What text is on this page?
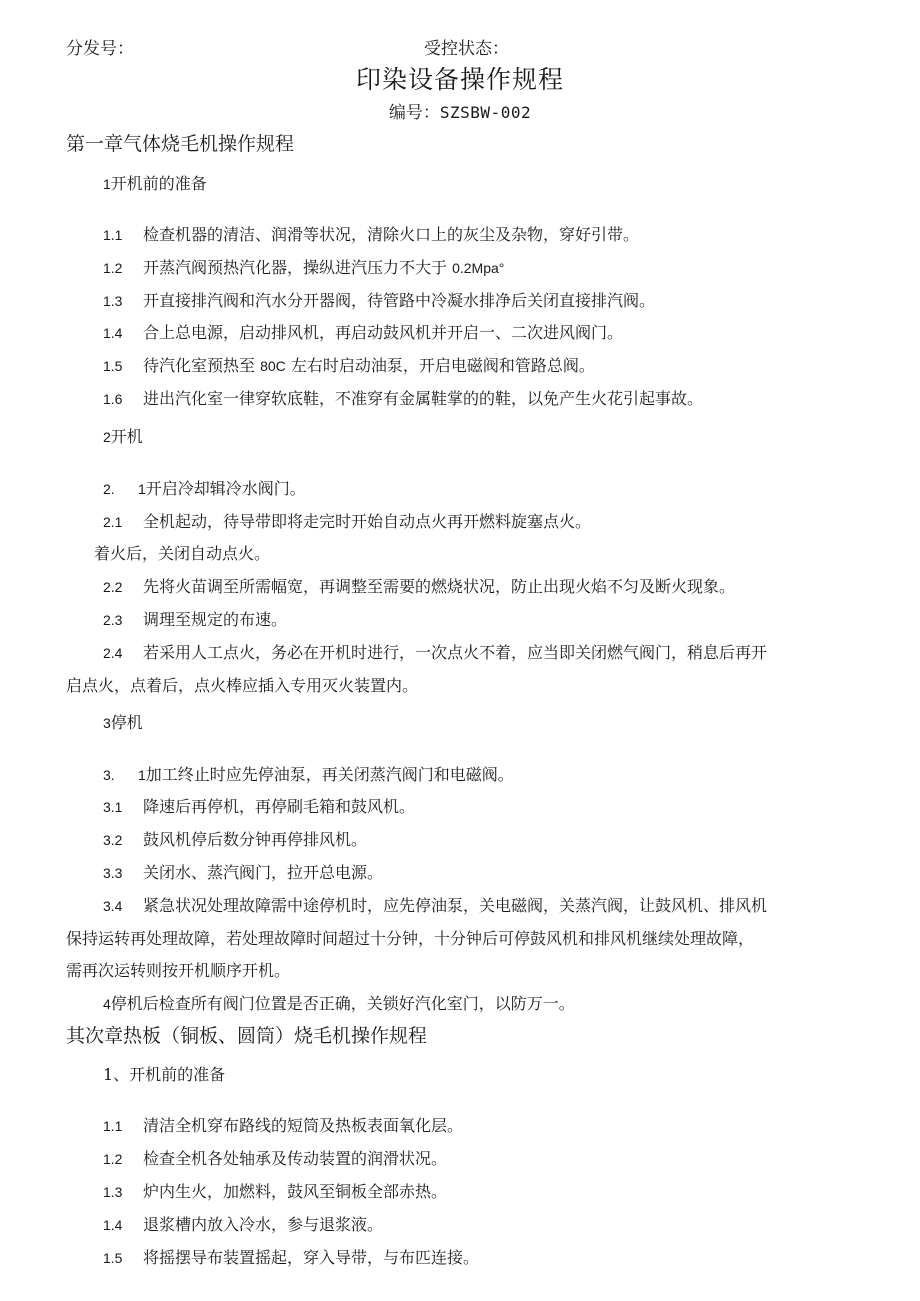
分发号：	受控状态：
印染设备操作规程
编号：SZSBW-002
第一章气体烧毛机操作规程
1开机前的准备
1.1 检查机器的清洁、润滑等状况，清除火口上的灰尘及杂物，穿好引带。
1.2 开蒸汽阀预热汽化器，操纵进汽压力不大于 0.2Mpa°
1.3 开直接排汽阀和汽水分开器阀，待管路中冷凝水排净后关闭直接排汽阀。
1.4 合上总电源，启动排风机，再启动鼓风机并开启一、二次进风阀门。
1.5 待汽化室预热至 80C 左右时启动油泵，开启电磁阀和管路总阀。
1.6 进出汽化室一律穿软底鞋，不准穿有金属鞋掌的的鞋，以免产生火花引起事故。
2开机
2. 1开启冷却辑冷水阀门。
2.1 全机起动，待导带即将走完时开始自动点火再开燃料旋塞点火。
着火后，关闭自动点火。
2.2 先将火苗调至所需幅宽，再调整至需要的燃烧状况，防止出现火焰不匀及断火现象。
2.3 调理至规定的布速。
2.4 若采用人工点火，务必在开机时进行，一次点火不着，应当即关闭燃气阀门，稍息后再开
启点火，点着后，点火棒应插入专用灭火装置内。
3停机
3. 1加工终止时应先停油泵，再关闭蒸汽阀门和电磁阀。
3.1 降速后再停机，再停刷毛箱和鼓风机。
3.2 鼓风机停后数分钟再停排风机。
3.3 关闭水、蒸汽阀门，拉开总电源。
3.4 紧急状况处理故障需中途停机时，应先停油泵，关电磁阀，关蒸汽阀，让鼓风机、排风机
保持运转再处理故障，若处理故障时间超过十分钟，十分钟后可停鼓风机和排风机继续处理故障，
需再次运转则按开机顺序开机。
4停机后检查所有阀门位置是否正确，关锁好汽化室门，以防万一。
其次章热板（铜板、圆筒）烧毛机操作规程
1、开机前的准备
1.1 清洁全机穿布路线的短筒及热板表面氧化层。
1.2 检查全机各处轴承及传动装置的润滑状况。
1.3 炉内生火，加燃料，鼓风至铜板全部赤热。
1.4 退浆槽内放入冷水，参与退浆液。
1.5 将摇摆导布装置摇起，穿入导带，与布匹连接。
